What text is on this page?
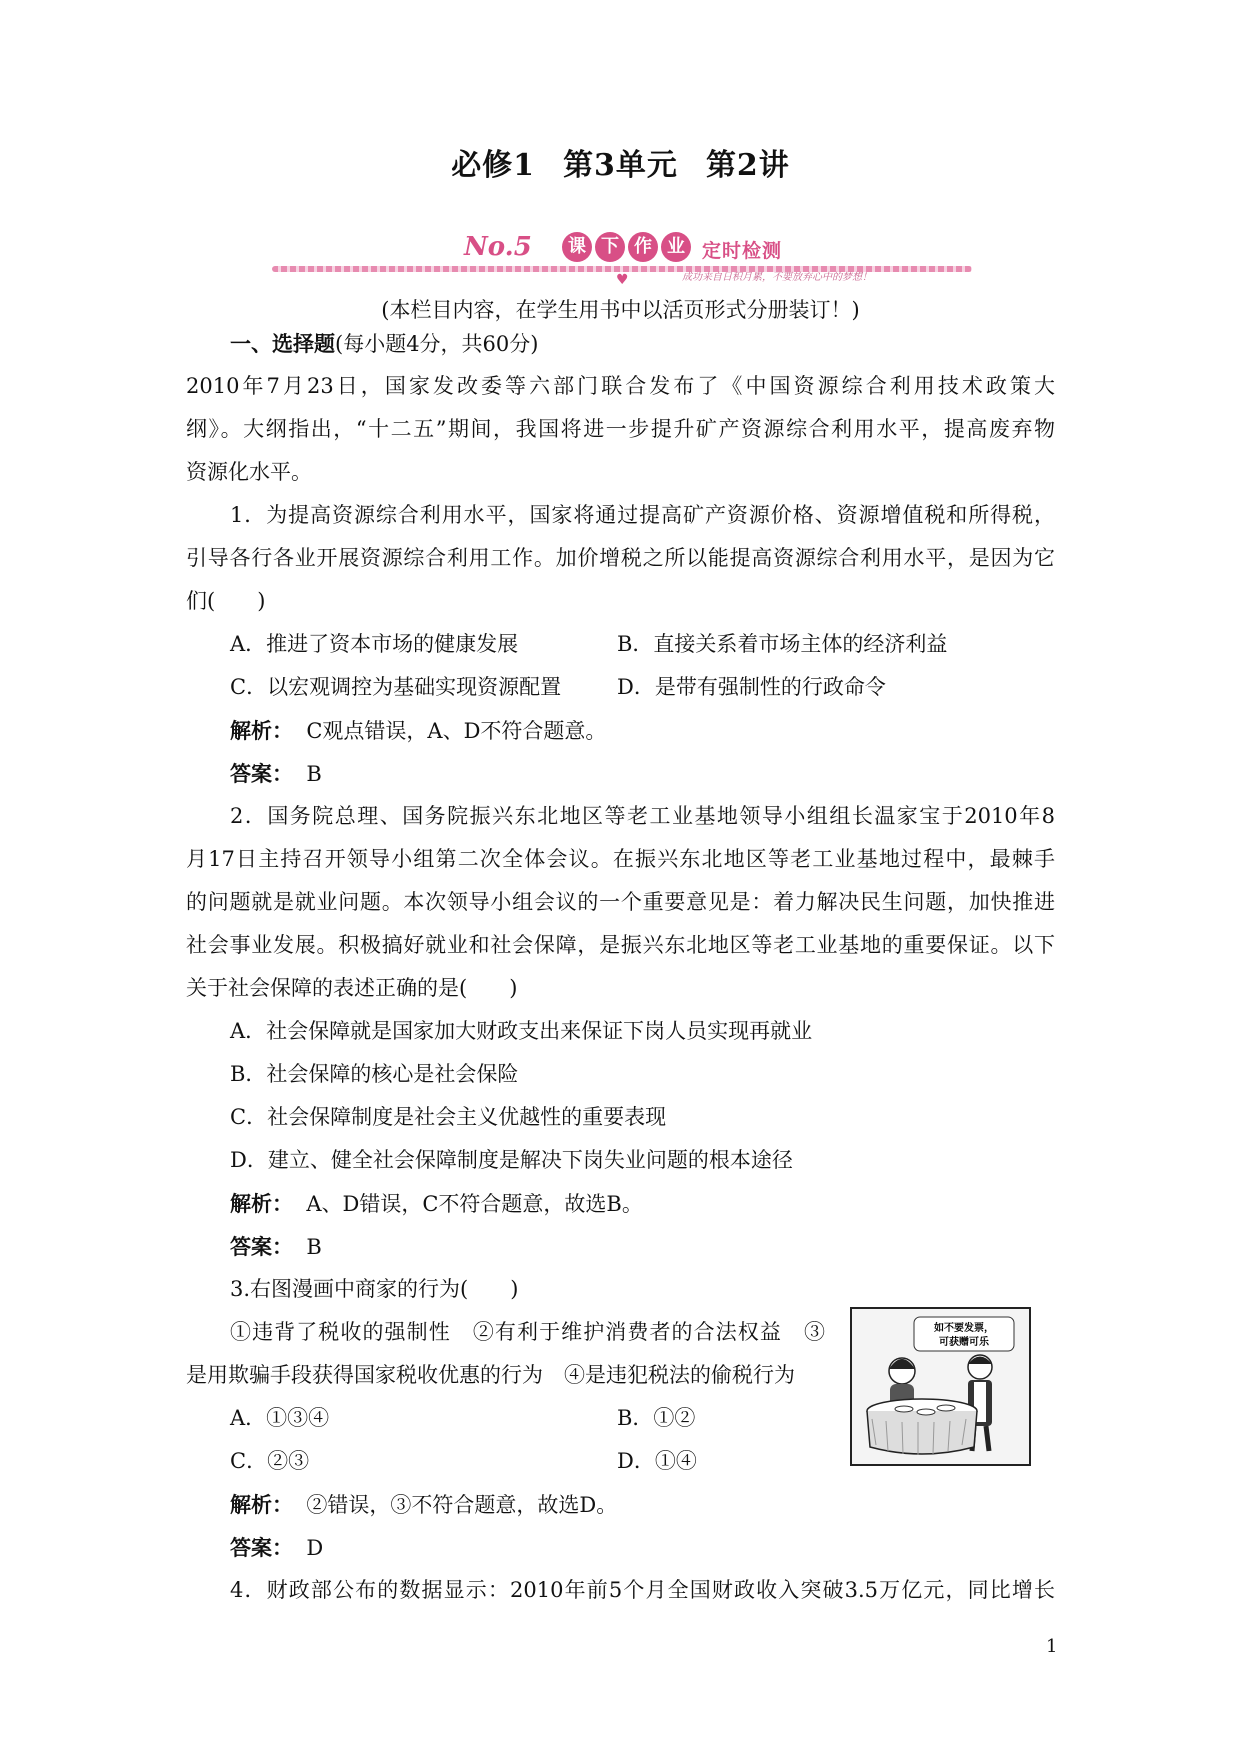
必修1 第3单元 第2讲
No.5	课 下 作 业 定时检测
成功来自日积月累，不要放弃心中的梦想！
♥
(本栏目内容，在学生用书中以活页形式分册装订！)
一、选择题(每小题4分，共60分)
2010年7月23日，国家发改委等六部门联合发布了《中国资源综合利用技术政策大
纲》。大纲指出，“十二五”期间，我国将进一步提升矿产资源综合利用水平，提高废弃物
资源化水平。
1．为提高资源综合利用水平，国家将通过提高矿产资源价格、资源增值税和所得税，
引导各行各业开展资源综合利用工作。加价增税之所以能提高资源综合利用水平，是因为它
们(　　)
A．推进了资本市场的健康发展	B．直接关系着市场主体的经济利益
C．以宏观调控为基础实现资源配置	D．是带有强制性的行政命令
解析： C观点错误，A、D不符合题意。
答案： B
2．国务院总理、国务院振兴东北地区等老工业基地领导小组组长温家宝于2010年8
月17日主持召开领导小组第二次全体会议。在振兴东北地区等老工业基地过程中，最棘手
的问题就是就业问题。本次领导小组会议的一个重要意见是：着力解决民生问题，加快推进
社会事业发展。积极搞好就业和社会保障，是振兴东北地区等老工业基地的重要保证。以下
关于社会保障的表述正确的是(　　)
A．社会保障就是国家加大财政支出来保证下岗人员实现再就业
B．社会保障的核心是社会保险
C．社会保障制度是社会主义优越性的重要表现
D．建立、健全社会保障制度是解决下岗失业问题的根本途径
解析： A、D错误，C不符合题意，故选B。
答案： B
3.右图漫画中商家的行为(　　)
①违背了税收的强制性　②有利于维护消费者的合法权益　③
是用欺骗手段获得国家税收优惠的行为　④是违犯税法的偷税行为
A．①③④	B．①②
C．②③	D．①④
解析： ②错误，③不符合题意，故选D。
答案： D
4．财政部公布的数据显示：2010年前5个月全国财政收入突破3.5万亿元，同比增长
如不要发票，
可获赠可乐
1
